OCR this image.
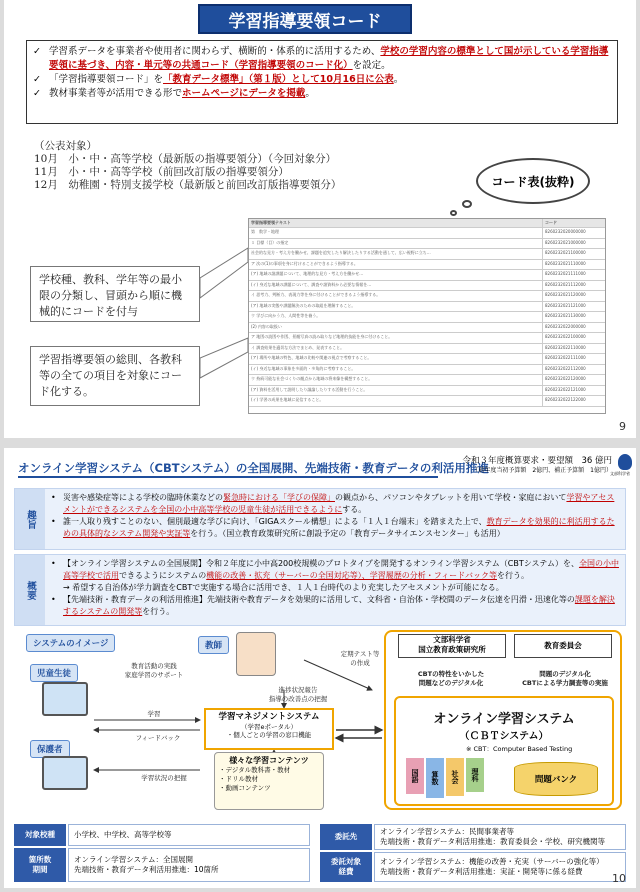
学習指導要領コード
✓ 学習系データを事業者や使用者に関わらず、横断的・体系的に活用するため、学校の学習内容の標準として国が示している学習指導要領に基づき、内容・単元等の共通コード（学習指導要領のコード化）を設定。
✓ 「学習指導要領コード」を「教育データ標準」（第１版）として10月16日に公表。
✓ 教材事業者等が活用できる形でホームページにデータを掲載。
（公表対象）
10月　小・中・高等学校（最新版の指導要領分）（今回対象分）
11月　小・中・高等学校（前回改訂版の指導要領分）
12月　幼稚園・特別支援学校（最新版と前回改訂版指導要領分）	コード表(抜粋)
学校種、教科、学年等の最小限の分類し、冒頭から順に機械的にコードを付与
学習指導要領の総則、各教科等の全ての項目を対象にコード化する。
学習指導要領テキスト	コード
第　数学・地理	8260232020000000
１ 目標（目）の指定	8260232021000000
社会的な見方・考え方を働かせ、課題を追究したり解決したりする活動を通して、広い視野に立ち…	8260232021100000
ア 次の(1)の事項を身に付けることができるよう指導する。	8260232021110000
(ア) 地域の諸課題について、地理的な見方・考え方を働かせ…	8260232021111000
(イ) 身近な地域の課題について、調査や諸資料から必要な情報を…	8260232021112000
イ 思考力、判断力、表現力等を身に付けることができるよう指導する。	8260232021120000
(ア) 地域の実態や課題解決のための取組を理解すること。	8260232021121000
ウ 学びに向かう力、人間性等を養う。	8260232021130000
(2) 内容の取扱い	8260232022000000
ア 地図の読図や作図、景観写真の読み取りなど地理的技能を身に付けること。	8260232022100000
イ 調査結果を適切な方法でまとめ、発表すること。	8260232022110000
(ア) 場所や地域の特色、地域の比較や関連の視点で考察すること。	8260232022111000
(イ) 身近な地域の事象を多面的・多角的に考察すること。	8260232022112000
ウ 持続可能な社会づくりの観点から地域の将来像を構想すること。	8260232022120000
(ア) 資料を活用して説明したり議論したりする活動を行うこと。	8260232022121000
(イ) 学習の成果を地域に発信すること。	8260232022122000
9
オンライン学習システム（CBTシステム）の全国展開、先端技術・教育データの利活用推進
令和３年度概算要求・要望額　36 億円
（前年度当初予算額　2億円、補正予算額　1億円）
文部科学省
趣旨
• 災害や感染症等による学校の臨時休業などの緊急時における「学びの保障」の観点から、パソコンやタブレットを用いて学校・家庭において学習やアセスメントができるシステムを全国の小中高等学校の児童生徒が活用できるようにする。
• 誰一人取り残すことのない、個別最適な学びに向け、「GIGAスクール構想」による「１人１台端末」を踏まえた上で、教育データを効果的に利活用するための具体的なシステム開発や実証等を行う。（国立教育政策研究所に創設予定の「教育データサイエンスセンター」も活用）
概要
• 【オンライン学習システムの全国展開】令和２年度に小中高200校規模のプロトタイプを開発するオンライン学習システム（CBTシステム）を、全国の小中高等学校で活用できるようにシステムの機能の改善・拡充（サーバーの全国対応等）、学習履歴の分析・フィードバック等を行う。
→ 希望する自治体が学力調査をCBTで実施する場合に活用でき、１人１台時代のより充実したアセスメントが可能になる。
• 【先端技術・教育データの利活用推進】先端技術や教育データを効果的に活用して、文科省・自治体・学校間のデータ伝達を円滑・迅速化等の課題を解決するシステムの開発等を行う。
システムのイメージ	教師
児童生徒
保護者
教育活動の実践
家庭学習のサポート
進捗状況報告
指導の改善点の把握
定期テスト等
の作成
学習
フィードバック
学習状況の把握
学習マネジメントシステム
（学習eポータル）
・個人ごとの学習の窓口機能
様々な学習コンテンツ
・デジタル教科書・教材
・ドリル教材
・動画コンテンツ
文部科学省
国立教育政策研究所	教育委員会
CBTの特性をいかした
問題などのデジタル化
問題のデジタル化
CBTによる学力調査等の実施
オンライン学習システム
（ＣＢＴシステム）
※ CBT：Computer Based Testing
国語	算数	社会	理科	問題バンク
対象校種	小学校、中学校、高等学校等
箇所数
期間
オンライン学習システム：全国展開
先端技術・教育データ利活用推進：10箇所
委託先
オンライン学習システム：民間事業者等
先端技術・教育データ利活用推進：教育委員会・学校、研究機関等
委託対象
経費
オンライン学習システム：機能の改善・充実（サーバーの強化等）
先端技術・教育データ利活用推進：実証・開発等に係る経費
10
